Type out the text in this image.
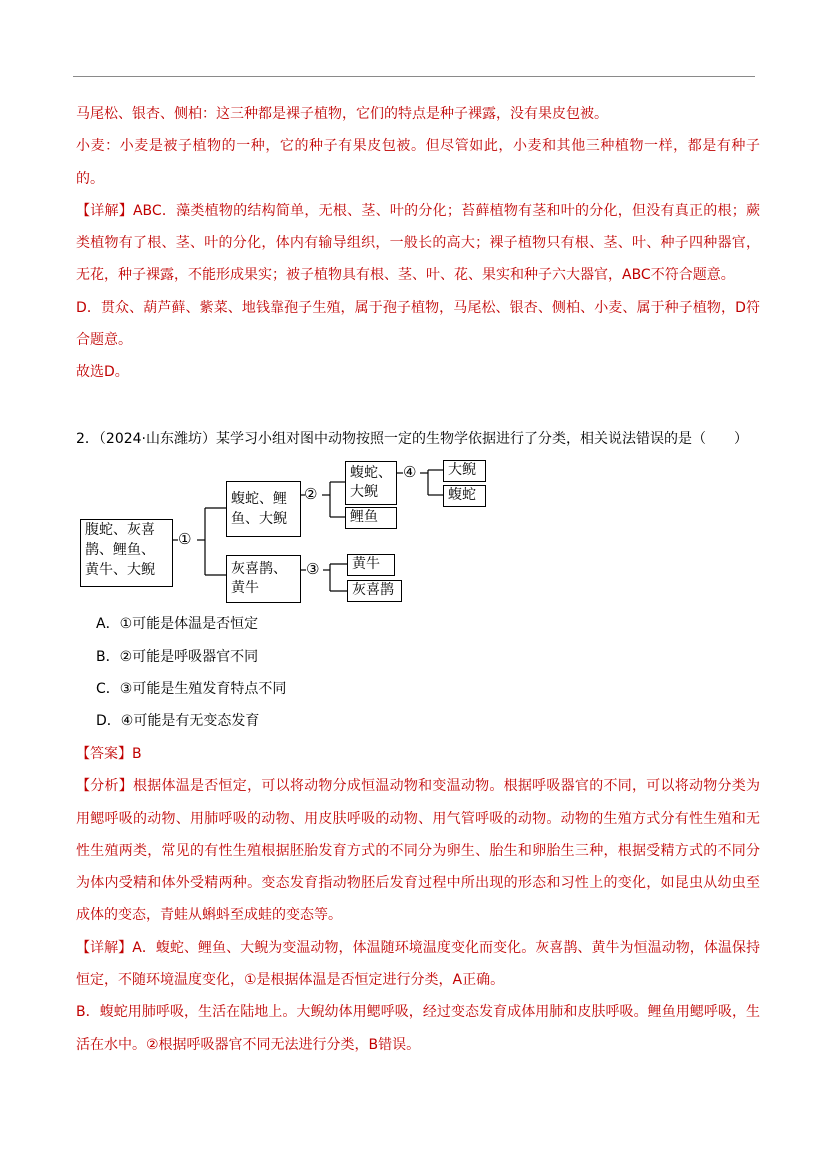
马尾松、银杏、侧柏：这三种都是裸子植物，它们的特点是种子裸露，没有果皮包被。

小麦：小麦是被子植物的一种，它的种子有果皮包被。但尽管如此，小麦和其他三种植物一样，都是有种子的。

【详解】ABC．藻类植物的结构简单，无根、茎、叶的分化；苔藓植物有茎和叶的分化，但没有真正的根；蕨类植物有了根、茎、叶的分化，体内有输导组织，一般长的高大；裸子植物只有根、茎、叶、种子四种器官，无花，种子裸露，不能形成果实；被子植物具有根、茎、叶、花、果实和种子六大器官，ABC不符合题意。

D．贯众、葫芦藓、紫菜、地钱靠孢子生殖，属于孢子植物，马尾松、银杏、侧柏、小麦、属于种子植物，D符合题意。

故选D。

2．（2024·山东潍坊）某学习小组对图中动物按照一定的生物学依据进行了分类，相关说法错误的是（　　）
腹蛇、灰喜鹊、鲤鱼、黄牛、大鲵
①
蝮蛇、鲤鱼、大鲵
②
灰喜鹊、黄牛
③
蝮蛇、大鲵
④
鲤鱼
大鲵
蝮蛇
黄牛
灰喜鹊
A．①可能是体温是否恒定
B．②可能是呼吸器官不同
C．③可能是生殖发育特点不同
D．④可能是有无变态发育

【答案】B

【分析】根据体温是否恒定，可以将动物分成恒温动物和变温动物。根据呼吸器官的不同，可以将动物分类为用鳃呼吸的动物、用肺呼吸的动物、用皮肤呼吸的动物、用气管呼吸的动物。动物的生殖方式分有性生殖和无性生殖两类，常见的有性生殖根据胚胎发育方式的不同分为卵生、胎生和卵胎生三种，根据受精方式的不同分为体内受精和体外受精两种。变态发育指动物胚后发育过程中所出现的形态和习性上的变化，如昆虫从幼虫至成体的变态，青蛙从蝌蚪至成蛙的变态等。

【详解】A．蝮蛇、鲤鱼、大鲵为变温动物，体温随环境温度变化而变化。灰喜鹊、黄牛为恒温动物，体温保持恒定，不随环境温度变化，①是根据体温是否恒定进行分类，A正确。

B．蝮蛇用肺呼吸，生活在陆地上。大鲵幼体用鳃呼吸，经过变态发育成体用肺和皮肤呼吸。鲤鱼用鳃呼吸，生活在水中。②根据呼吸器官不同无法进行分类，B错误。
